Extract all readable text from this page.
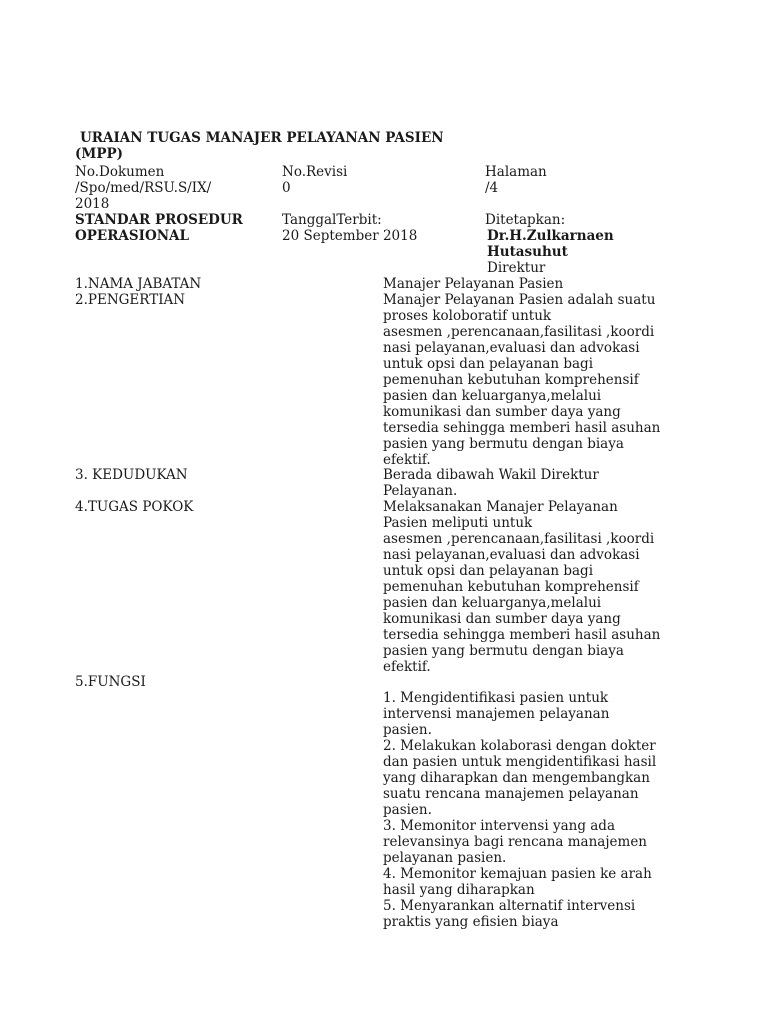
URAIAN TUGAS MANAJER PELAYANAN PASIEN
(MPP)
No.Dokumen
/Spo/med/RSU.S/IX/
2018
STANDAR PROSEDUR
OPERASIONAL
No.Revisi
0
TanggalTerbit:
20 September 2018
Halaman
/4
Ditetapkan:
Dr.H.Zulkarnaen
Hutasuhut
Direktur
1.NAMA JABATAN
2.PENGERTIAN
3. KEDUDUKAN
4.TUGAS POKOK
5.FUNGSI
Manajer Pelayanan Pasien
Manajer Pelayanan Pasien adalah suatu
proses koloboratif untuk
asesmen ,perencanaan,fasilitasi ,koordi
nasi pelayanan,evaluasi dan advokasi
untuk opsi dan pelayanan bagi
pemenuhan kebutuhan komprehensif
pasien dan keluarganya,melalui
komunikasi dan sumber daya yang
tersedia sehingga memberi hasil asuhan
pasien yang bermutu dengan biaya
efektif.
Berada dibawah Wakil Direktur
Pelayanan.
Melaksanakan Manajer Pelayanan
Pasien meliputi untuk
asesmen ,perencanaan,fasilitasi ,koordi
nasi pelayanan,evaluasi dan advokasi
untuk opsi dan pelayanan bagi
pemenuhan kebutuhan komprehensif
pasien dan keluarganya,melalui
komunikasi dan sumber daya yang
tersedia sehingga memberi hasil asuhan
pasien yang bermutu dengan biaya
efektif.
1. Mengidentifikasi pasien untuk
intervensi manajemen pelayanan
pasien.
2. Melakukan kolaborasi dengan dokter
dan pasien untuk mengidentifikasi hasil
yang diharapkan dan mengembangkan
suatu rencana manajemen pelayanan
pasien.
3. Memonitor intervensi yang ada
relevansinya bagi rencana manajemen
pelayanan pasien.
4. Memonitor kemajuan pasien ke arah
hasil yang diharapkan
5. Menyarankan alternatif intervensi
praktis yang efisien biaya
